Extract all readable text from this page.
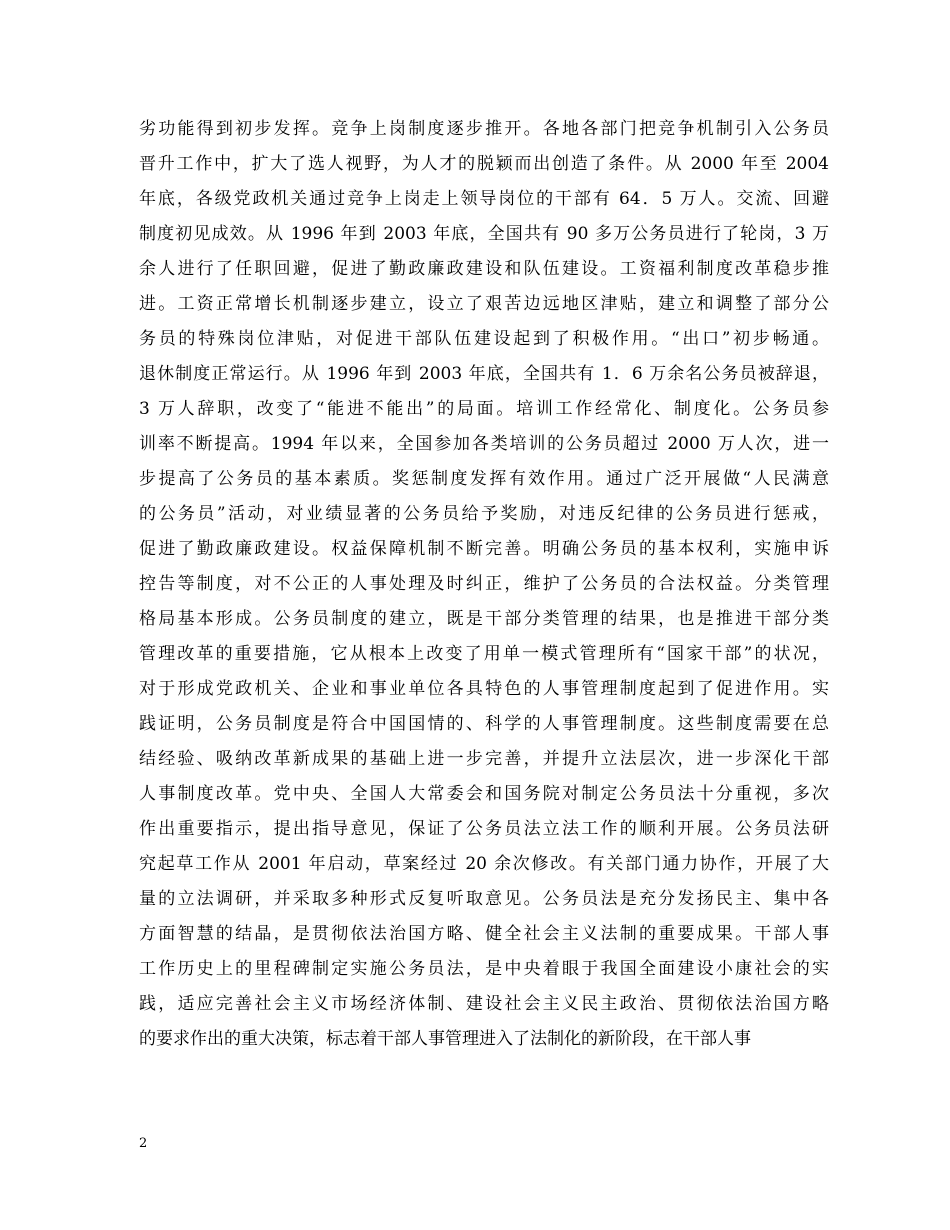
劣功能得到初步发挥。竞争上岗制度逐步推开。各地各部门把竞争机制引入公务员
晋升工作中，扩大了选人视野，为人才的脱颖而出创造了条件。从 2000 年至 2004
年底，各级党政机关通过竞争上岗走上领导岗位的干部有 64．5 万人。交流、回避
制度初见成效。从 1996 年到 2003 年底，全国共有 90 多万公务员进行了轮岗，3 万
余人进行了任职回避，促进了勤政廉政建设和队伍建设。工资福利制度改革稳步推
进。工资正常增长机制逐步建立，设立了艰苦边远地区津贴，建立和调整了部分公
务员的特殊岗位津贴，对促进干部队伍建设起到了积极作用。“出口”初步畅通。
退休制度正常运行。从 1996 年到 2003 年底，全国共有 1．6 万余名公务员被辞退，
3 万人辞职，改变了“能进不能出”的局面。培训工作经常化、制度化。公务员参
训率不断提高。1994 年以来，全国参加各类培训的公务员超过 2000 万人次，进一
步提高了公务员的基本素质。奖惩制度发挥有效作用。通过广泛开展做“人民满意
的公务员”活动，对业绩显著的公务员给予奖励，对违反纪律的公务员进行惩戒，
促进了勤政廉政建设。权益保障机制不断完善。明确公务员的基本权利，实施申诉
控告等制度，对不公正的人事处理及时纠正，维护了公务员的合法权益。分类管理
格局基本形成。公务员制度的建立，既是干部分类管理的结果，也是推进干部分类
管理改革的重要措施，它从根本上改变了用单一模式管理所有“国家干部”的状况，
对于形成党政机关、企业和事业单位各具特色的人事管理制度起到了促进作用。实
践证明，公务员制度是符合中国国情的、科学的人事管理制度。这些制度需要在总
结经验、吸纳改革新成果的基础上进一步完善，并提升立法层次，进一步深化干部
人事制度改革。党中央、全国人大常委会和国务院对制定公务员法十分重视，多次
作出重要指示，提出指导意见，保证了公务员法立法工作的顺利开展。公务员法研
究起草工作从 2001 年启动，草案经过 20 余次修改。有关部门通力协作，开展了大
量的立法调研，并采取多种形式反复听取意见。公务员法是充分发扬民主、集中各
方面智慧的结晶，是贯彻依法治国方略、健全社会主义法制的重要成果。干部人事
工作历史上的里程碑制定实施公务员法，是中央着眼于我国全面建设小康社会的实
践，适应完善社会主义市场经济体制、建设社会主义民主政治、贯彻依法治国方略
的要求作出的重大决策，标志着干部人事管理进入了法制化的新阶段，在干部人事
2
